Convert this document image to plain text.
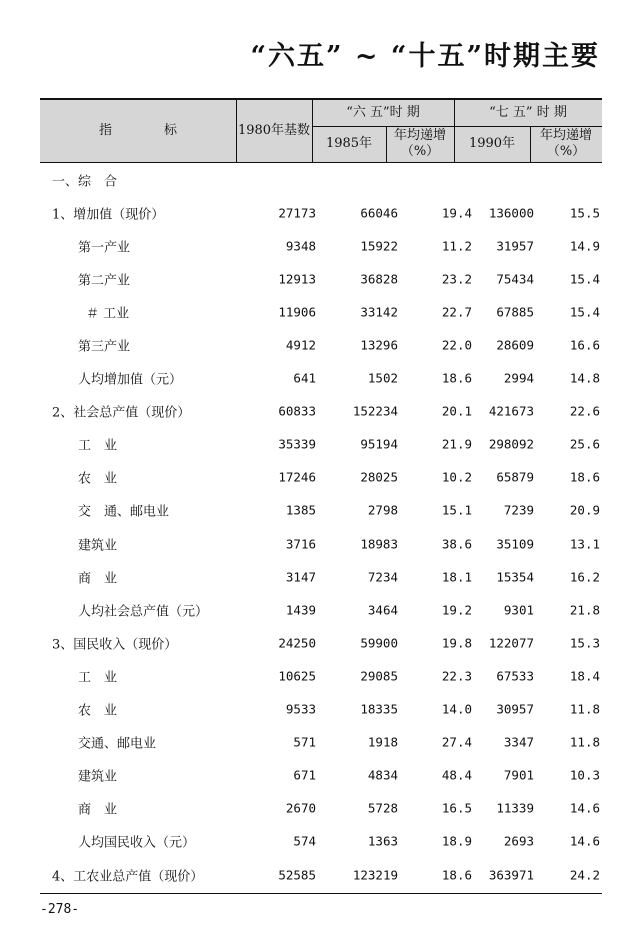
“六五” ~ “十五”时期主要
指　　　　标	1980年基数
“六 五”时 期	“七 五” 时 期
1985年
年均递增（%）
1990年
年均递增（%）
一、综　合
1、增加值（现价）	27173	66046	19.4 136000	15.5
第一产业	9348	15922	11.2 31957	14.9
第二产业	12913	36828	23.2 75434	15.4
＃ 工业	11906	33142	22.7 67885	15.4
第三产业	4912	13296	22.0 28609	16.6
人均增加值（元）	641	1502	18.6	2994	14.8
2、社会总产值（现价）	60833	152234	20.1 421673	22.6
工　业	35339	95194	21.9 298092	25.6
农　业	17246	28025	10.2 65879	18.6
交　通、邮电业	1385	2798	15.1	7239	20.9
建筑业	3716	18983	38.6 35109	13.1
商　业	3147	7234	18.1 15354	16.2
人均社会总产值（元）	1439	3464	19.2	9301	21.8
3、国民收入（现价）	24250	59900	19.8 122077	15.3
工　业	10625	29085	22.3 67533	18.4
农　业	9533	18335	14.0 30957	11.8
交通、邮电业	571	1918	27.4	3347	11.8
建筑业	671	4834	48.4	7901	10.3
商　业	2670	5728	16.5 11339	14.6
人均国民收入（元）	574	1363	18.9	2693	14.6
4、工农业总产值（现价）	52585	123219	18.6 363971	24.2
-278-
